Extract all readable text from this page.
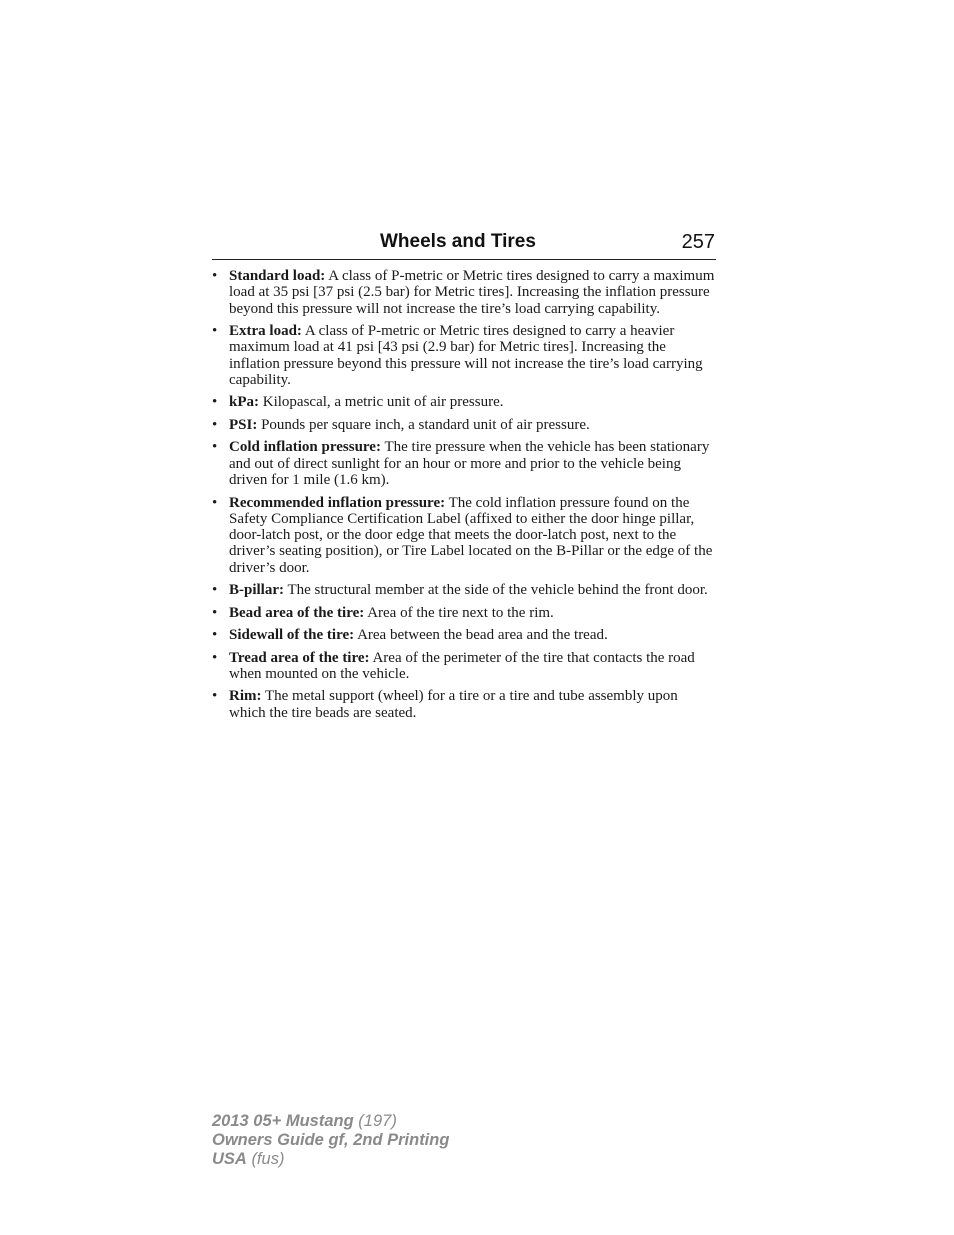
Wheels and Tires	257
• Standard load: A class of P-metric or Metric tires designed to carry a maximum load at 35 psi [37 psi (2.5 bar) for Metric tires]. Increasing the inflation pressure beyond this pressure will not increase the tire’s load carrying capability.
• Extra load: A class of P-metric or Metric tires designed to carry a heavier maximum load at 41 psi [43 psi (2.9 bar) for Metric tires]. Increasing the inflation pressure beyond this pressure will not increase the tire’s load carrying capability.
• kPa: Kilopascal, a metric unit of air pressure.
• PSI: Pounds per square inch, a standard unit of air pressure.
• Cold inflation pressure: The tire pressure when the vehicle has been stationary and out of direct sunlight for an hour or more and prior to the vehicle being driven for 1 mile (1.6 km).
• Recommended inflation pressure: The cold inflation pressure found on the Safety Compliance Certification Label (affixed to either the door hinge pillar, door-latch post, or the door edge that meets the door-latch post, next to the driver’s seating position), or Tire Label located on the B-Pillar or the edge of the driver’s door.
• B-pillar: The structural member at the side of the vehicle behind the front door.
• Bead area of the tire: Area of the tire next to the rim.
• Sidewall of the tire: Area between the bead area and the tread.
• Tread area of the tire: Area of the perimeter of the tire that contacts the road when mounted on the vehicle.
• Rim: The metal support (wheel) for a tire or a tire and tube assembly upon which the tire beads are seated.
2013 05+ Mustang (197)
Owners Guide gf, 2nd Printing
USA (fus)
